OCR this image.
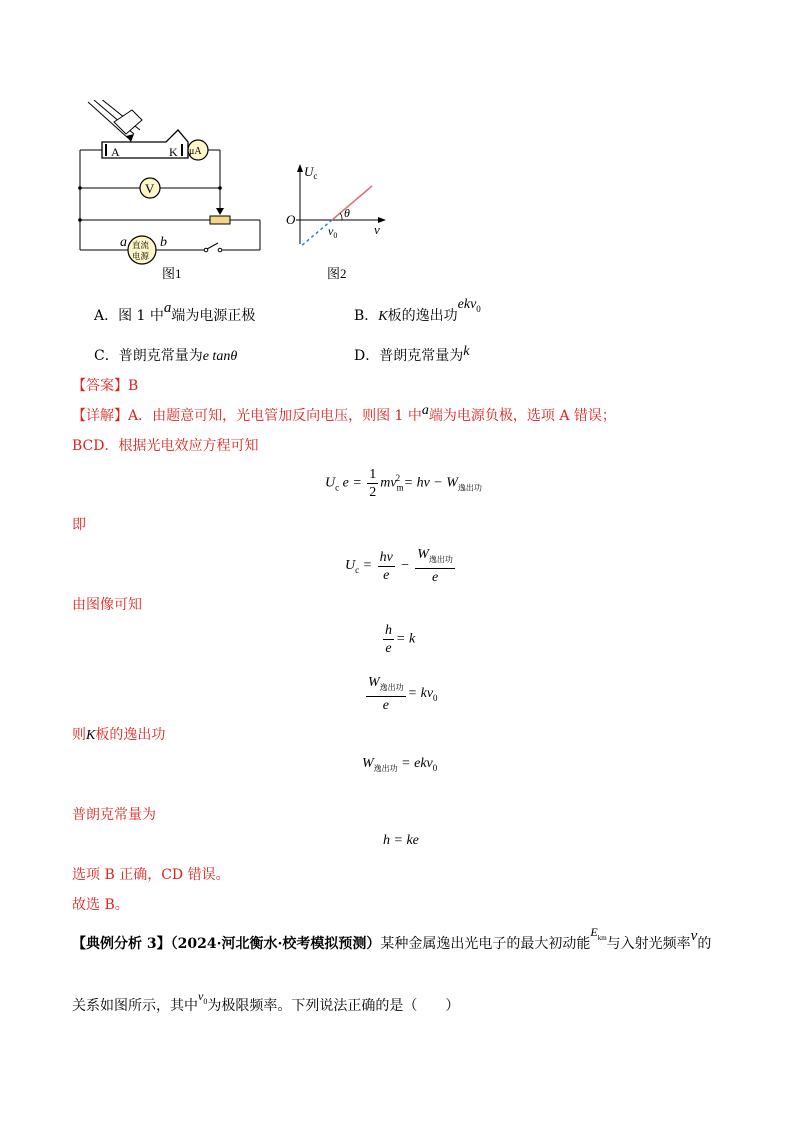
A	K μA
V
直流
电源
a b
图1
$U_c$
O
$\nu_0$	ν
θ
图2
A．图 1 中a端为电源正极	B．K板的逸出功ekν$_0$
C．普朗克常量为e tanθ	D．普朗克常量为k
【答案】B
【详解】A．由题意可知，光电管加反向电压，则图 1 中a端为电源负极，选项 A 错误；
BCD．根据光电效应方程可知
$U_c$ $e = \frac{1}{2} mv_m^2 = h\nu - W_{逸出功}$
即
$U_c = \frac{h\nu}{e} - \frac{W_{逸出功}}{e}$
由图像可知
$\frac{h}{e} = k$
$\frac{W_{逸出功}}{e} = k\nu_0$
则K板的逸出功
$W_{逸出功} = ek\nu_0$
普朗克常量为
h = ke
选项 B 正确，CD 错误。
故选 B。
【典例分析 3】（2024·河北衡水·校考模拟预测）某种金属逸出光电子的最大初动能$E_{km}$与入射光频率ν的
关系如图所示，其中$\nu_0$为极限频率。下列说法正确的是（　　）
